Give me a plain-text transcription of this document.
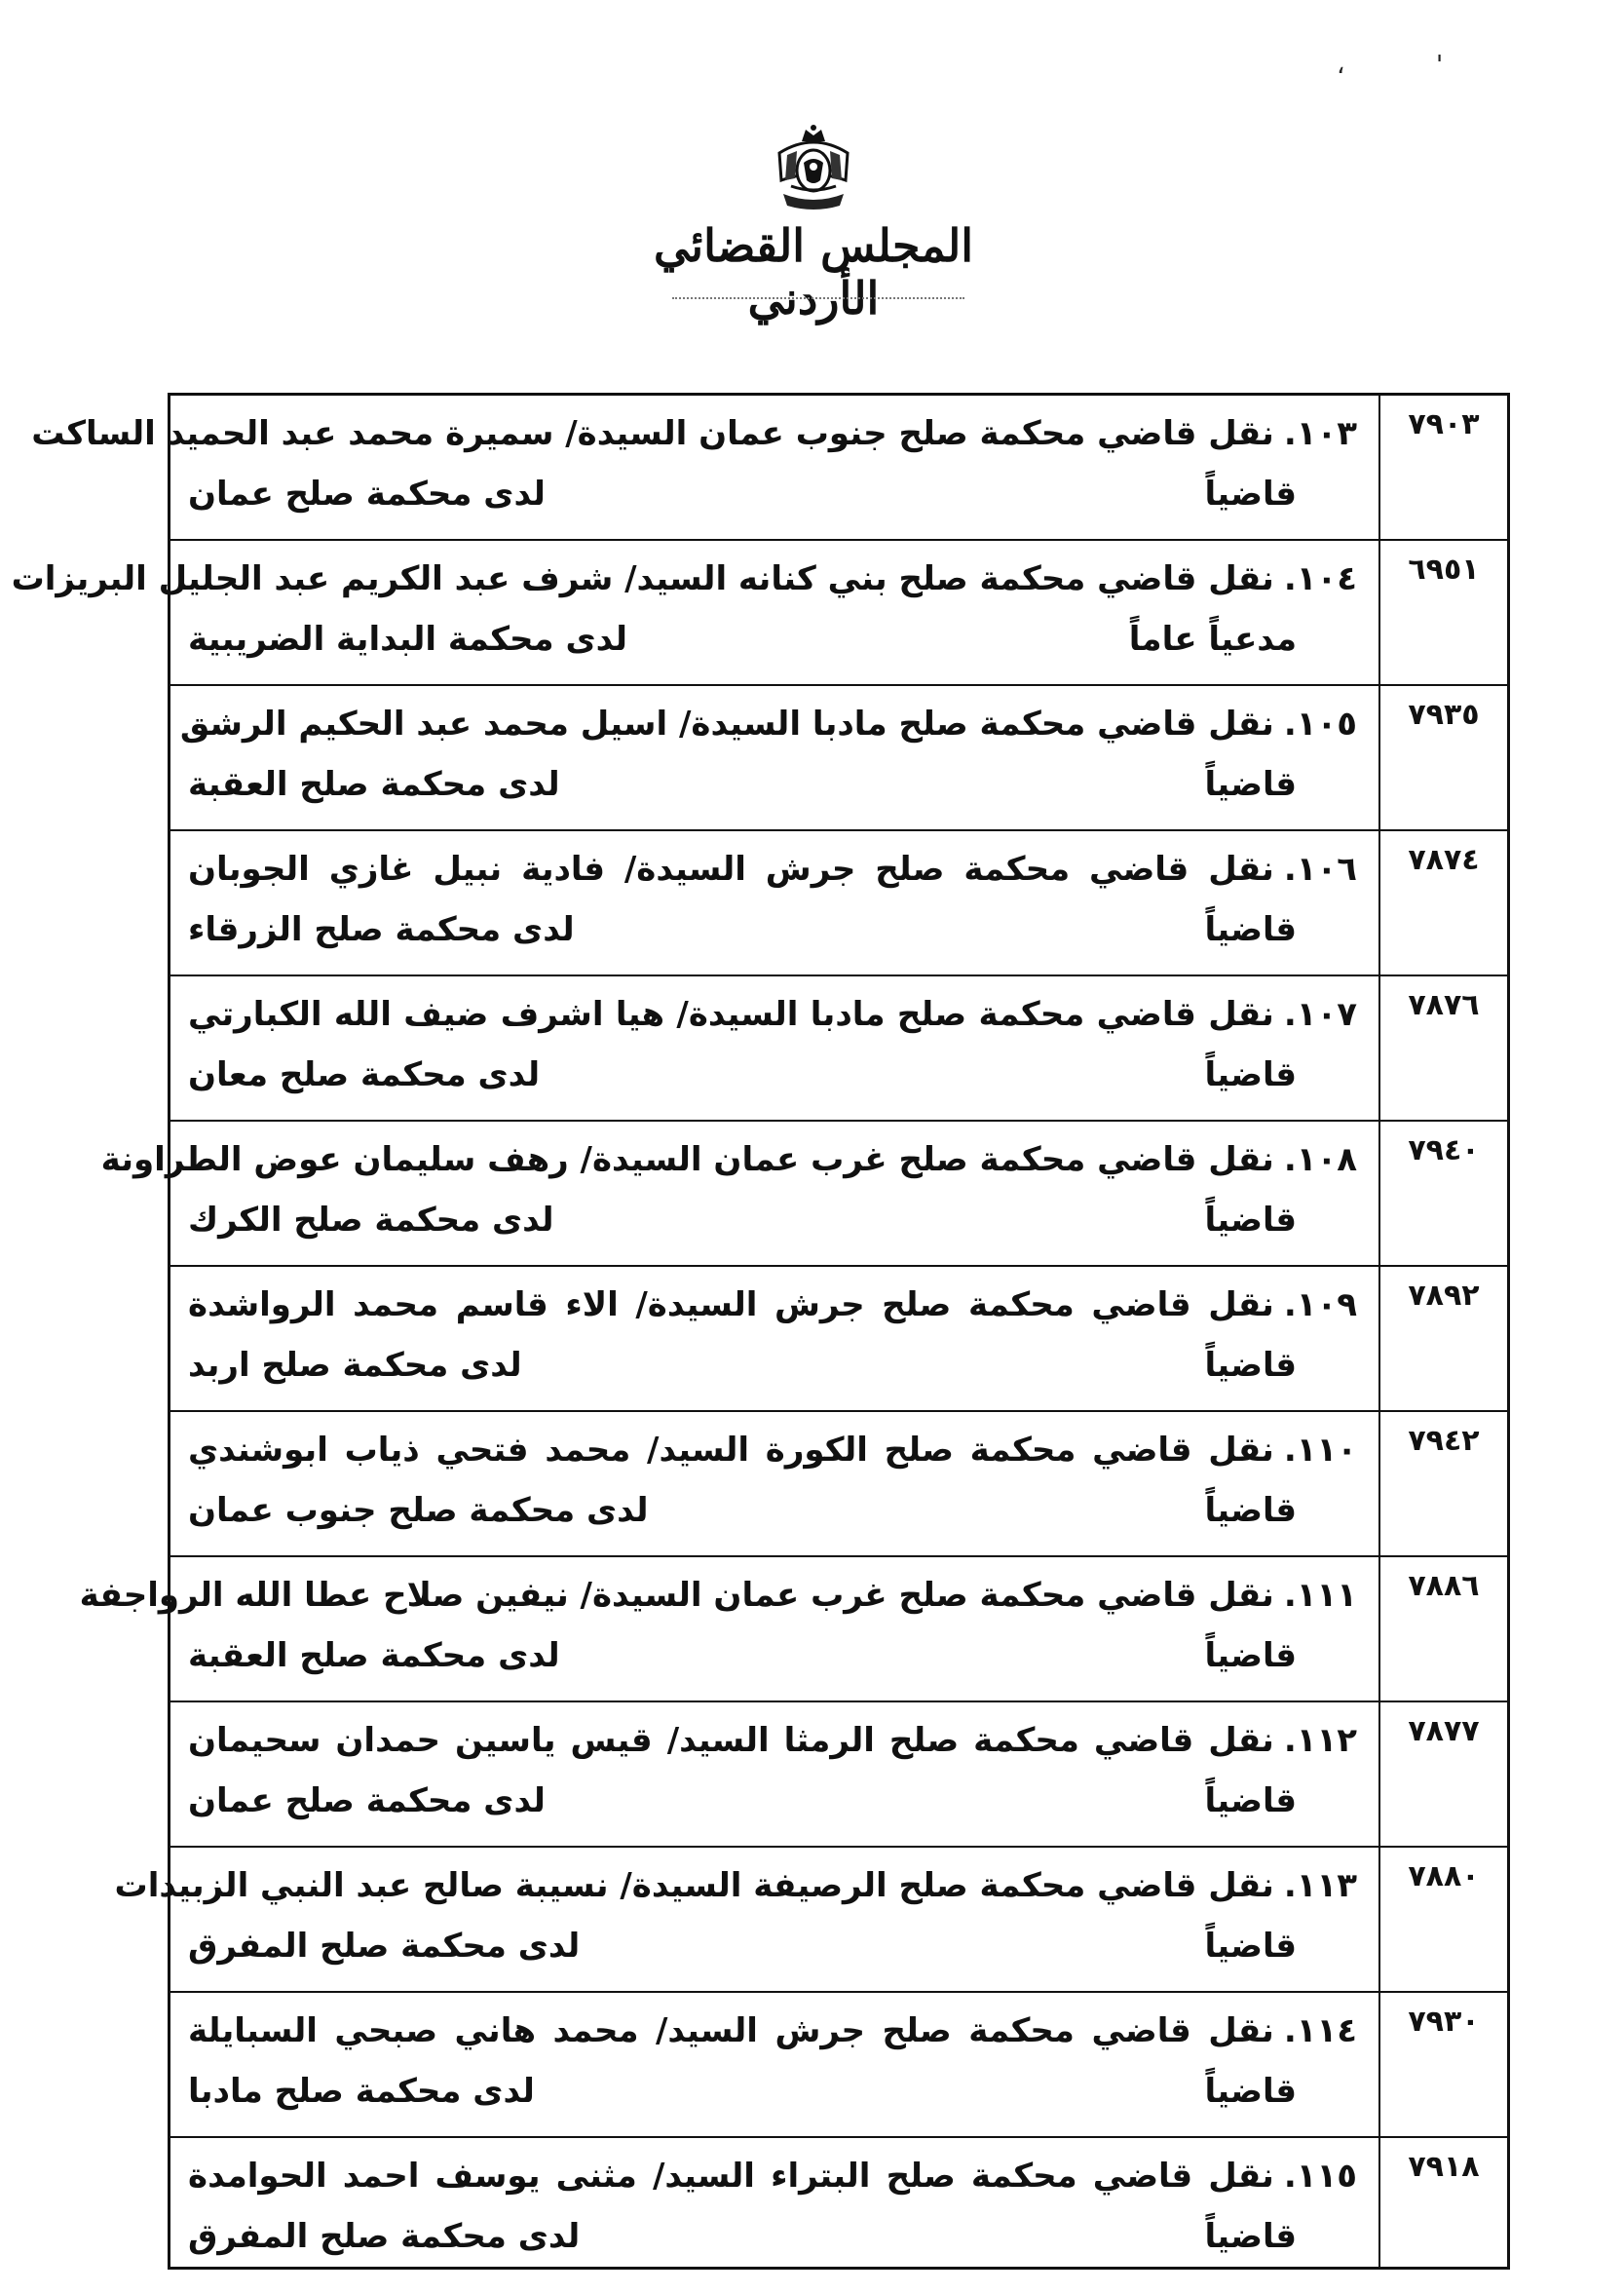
،	'
المجلس القضائي الأردني
٧٩٠٣	١٠٣.نقل قاضي محكمة صلح جنوب عمان السيدة/ سميرة محمد عبد الحميد الساكت
قاضياً
لدى محكمة صلح عمان

٦٩٥١	١٠٤.نقل قاضي محكمة صلح بني كنانه السيد/ شرف عبد الكريم عبد الجليل البريزات
مدعياً عاماً
لدى محكمة البداية الضريبية

٧٩٣٥	١٠٥.نقل قاضي محكمة صلح مادبا السيدة/ اسيل محمد عبد الحكيم الرشق
قاضياً
لدى محكمة صلح العقبة

٧٨٧٤	١٠٦.نقل قاضي محكمة صلح جرش السيدة/ فادية نبيل غازي الجوبان
قاضياً
لدى محكمة صلح الزرقاء

٧٨٧٦	١٠٧.نقل قاضي محكمة صلح مادبا السيدة/ هيا اشرف ضيف الله الكبارتي
قاضياً
لدى محكمة صلح معان

٧٩٤٠	١٠٨.نقل قاضي محكمة صلح غرب عمان السيدة/ رهف سليمان عوض الطراونة
قاضياً
لدى محكمة صلح الكرك

٧٨٩٢	١٠٩.نقل قاضي محكمة صلح جرش السيدة/ الاء قاسم محمد الرواشدة
قاضياً
لدى محكمة صلح اربد

٧٩٤٢	١١٠.نقل قاضي محكمة صلح الكورة السيد/ محمد فتحي ذياب ابوشندي
قاضياً
لدى محكمة صلح جنوب عمان

٧٨٨٦	١١١.نقل قاضي محكمة صلح غرب عمان السيدة/ نيفين صلاح عطا الله الرواجفة
قاضياً
لدى محكمة صلح العقبة

٧٨٧٧	١١٢.نقل قاضي محكمة صلح الرمثا السيد/ قيس ياسين حمدان سحيمان
قاضياً
لدى محكمة صلح عمان

٧٨٨٠	١١٣.نقل قاضي محكمة صلح الرصيفة السيدة/ نسيبة صالح عبد النبي الزبيدات
قاضياً
لدى محكمة صلح المفرق

٧٩٣٠	١١٤.نقل قاضي محكمة صلح جرش السيد/ محمد هاني صبحي السبايلة
قاضياً
لدى محكمة صلح مادبا

٧٩١٨	١١٥.نقل قاضي محكمة صلح البتراء السيد/ مثنى يوسف احمد الحوامدة
قاضياً
لدى محكمة صلح المفرق
